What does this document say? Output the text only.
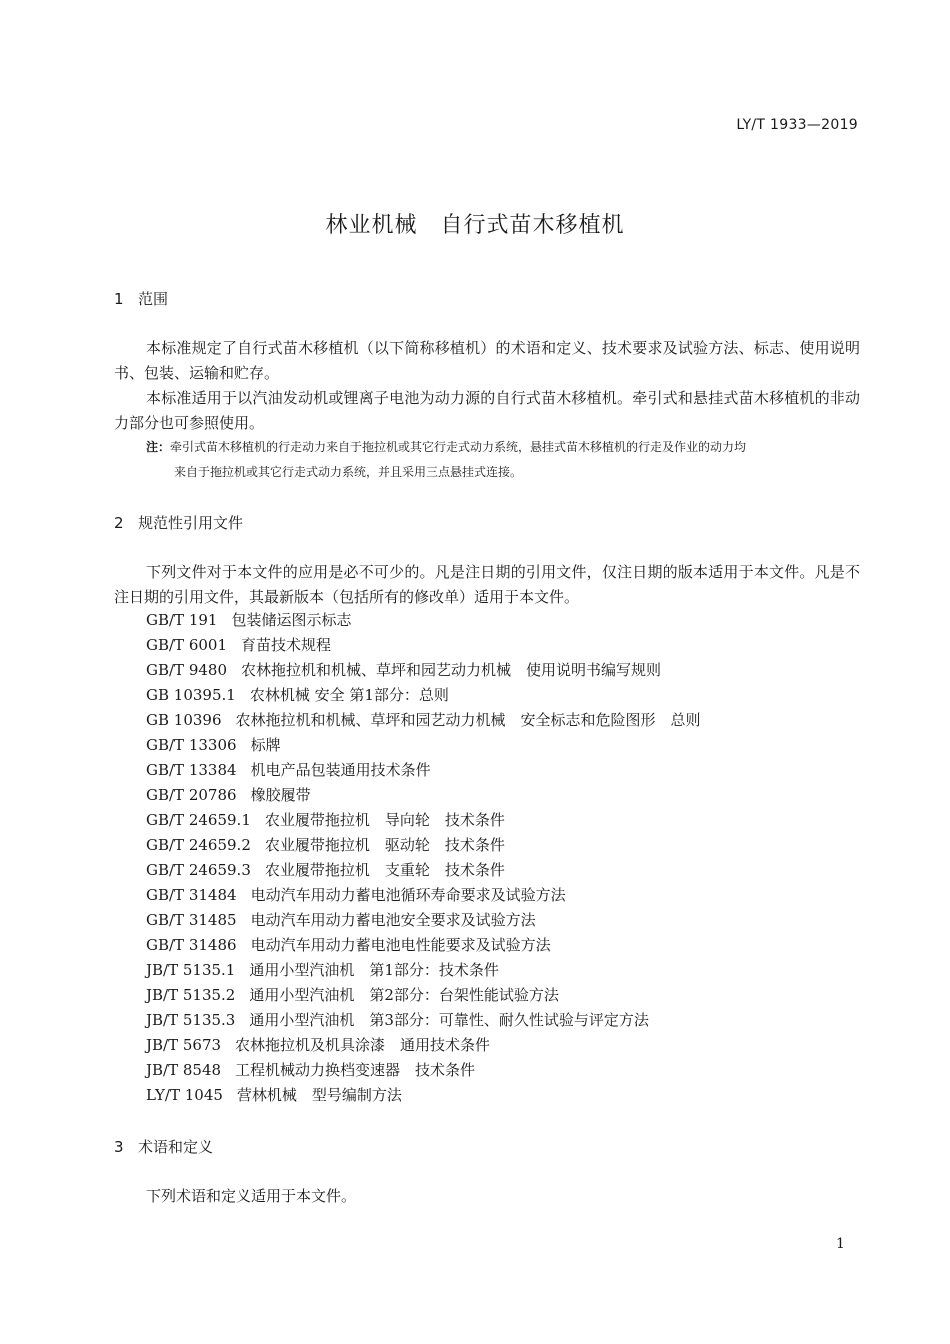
LY/T 1933—2019
林业机械　自行式苗木移植机
1 范围

本标准规定了自行式苗木移植机（以下简称移植机）的术语和定义、技术要求及试验方法、标志、使用说明书、包装、运输和贮存。

本标准适用于以汽油发动机或锂离子电池为动力源的自行式苗木移植机。牵引式和悬挂式苗木移植机的非动力部分也可参照使用。

注：牵引式苗木移植机的行走动力来自于拖拉机或其它行走式动力系统，悬挂式苗木移植机的行走及作业的动力均
来自于拖拉机或其它行走式动力系统，并且采用三点悬挂式连接。
2 规范性引用文件

下列文件对于本文件的应用是必不可少的。凡是注日期的引用文件，仅注日期的版本适用于本文件。凡是不注日期的引用文件，其最新版本（包括所有的修改单）适用于本文件。

GB/T 191 包装储运图示标志
GB/T 6001 育苗技术规程
GB/T 9480 农林拖拉机和机械、草坪和园艺动力机械　使用说明书编写规则
GB 10395.1 农林机械 安全 第1部分：总则
GB 10396 农林拖拉机和机械、草坪和园艺动力机械　安全标志和危险图形　总则
GB/T 13306 标牌
GB/T 13384 机电产品包装通用技术条件
GB/T 20786 橡胶履带
GB/T 24659.1 农业履带拖拉机　导向轮　技术条件
GB/T 24659.2 农业履带拖拉机　驱动轮　技术条件
GB/T 24659.3 农业履带拖拉机　支重轮　技术条件
GB/T 31484 电动汽车用动力蓄电池循环寿命要求及试验方法
GB/T 31485 电动汽车用动力蓄电池安全要求及试验方法
GB/T 31486 电动汽车用动力蓄电池电性能要求及试验方法
JB/T 5135.1 通用小型汽油机　第1部分：技术条件
JB/T 5135.2 通用小型汽油机　第2部分：台架性能试验方法
JB/T 5135.3 通用小型汽油机　第3部分：可靠性、耐久性试验与评定方法
JB/T 5673 农林拖拉机及机具涂漆　通用技术条件
JB/T 8548 工程机械动力换档变速器　技术条件
LY/T 1045 营林机械　型号编制方法
3 术语和定义

下列术语和定义适用于本文件。

1
